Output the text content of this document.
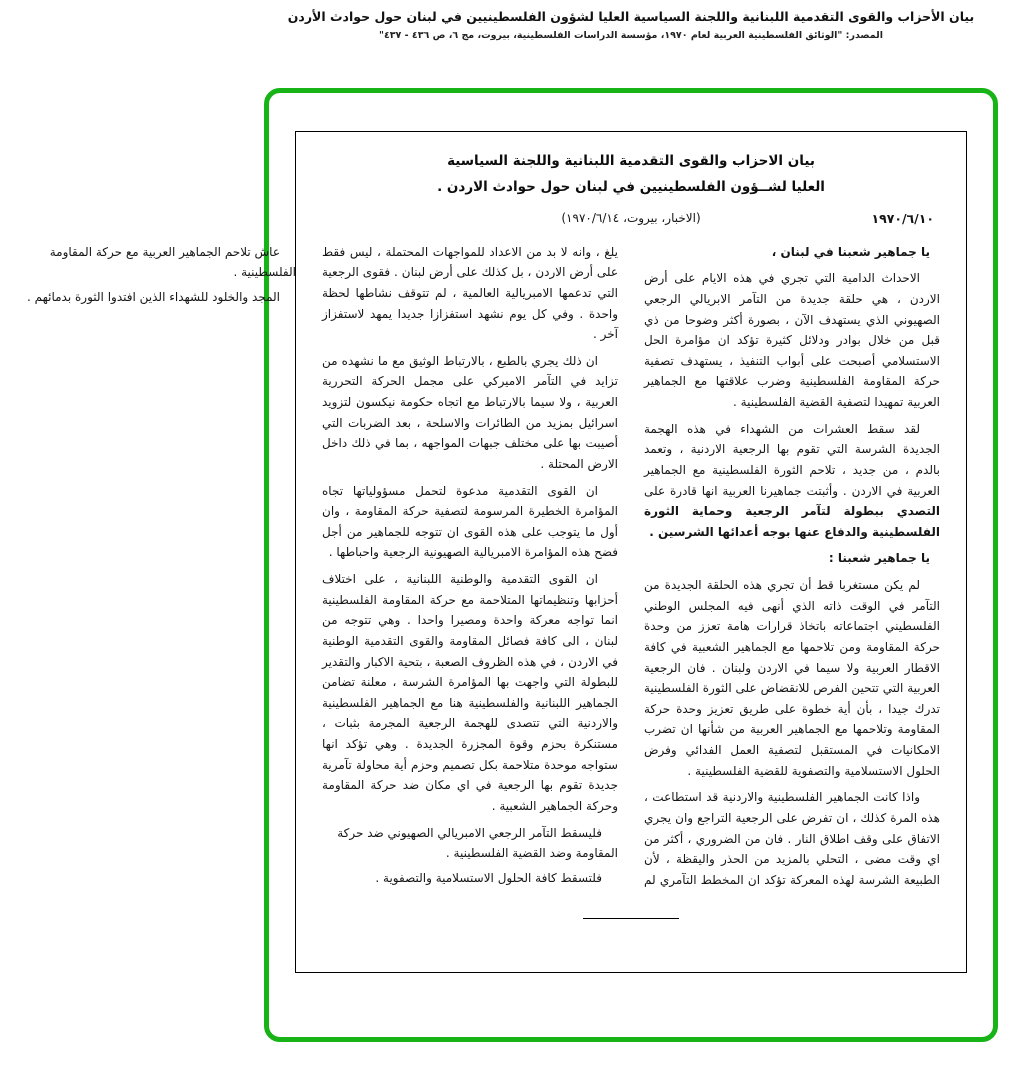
بيان الأحزاب والقوى التقدمية اللبنانية واللجنة السياسية العليا لشؤون الفلسطينيين في لبنان حول حوادث الأردن
المصدر: "الوثائق الفلسطينية العربية لعام ١٩٧٠، مؤسسة الدراسات الفلسطينية، بيروت، مج ٦، ص ٤٣٦ - ٤٣٧"
بيان الاحزاب والقوى التقدمية اللبنانية واللجنة السياسية
العليا لشــؤون الفلسطينيين في لبنان حول حوادث الاردن .
١٩٧٠/٦/١٠
(الاخبار، بيروت، ١٩٧٠/٦/١٤)

يا جماهير شعبنا في لبنان ،

الاحداث الدامية التي تجري في هذه الايام على أرض الاردن ، هي حلقة جديدة من التآمر الابريالي الرجعي الصهيوني الذي يستهدف الآن ، بصورة أكثر وضوحا من ذي قبل من خلال بوادر ودلائل كثيرة تؤكد ان مؤامرة الحل الاستسلامي أصبحت على أبواب التنفيذ ، يستهدف تصفية حركة المقاومة الفلسطينية وضرب علاقتها مع الجماهير العربية تمهيدا لتصفية القضية الفلسطينية .

لقد سقط العشرات من الشهداء في هذه الهجمة الجديدة الشرسة التي تقوم بها الرجعية الاردنية ، وتعمد بالدم ، من جديد ، تلاحم الثورة الفلسطينية مع الجماهير العربية في الاردن . وأثبتت جماهيرنا العربية انها قادرة على التصدي ببطولة لتآمر الرجعية وحماية الثورة الفلسطينية والدفاع عنها بوجه أعدائها الشرسين .

يا جماهير شعبنا :

لم يكن مستغربا قط أن تجري هذه الحلقة الجديدة من التآمر في الوقت ذاته الذي أنهى فيه المجلس الوطني الفلسطيني اجتماعاته باتخاذ قرارات هامة تعزز من وحدة حركة المقاومة ومن تلاحمها مع الجماهير الشعبية في كافة الاقطار العربية ولا سيما في الاردن ولبنان . فان الرجعية العربية التي تتحين الفرص للانقضاض على الثورة الفلسطينية تدرك جيدا ، بأن أية خطوة على طريق تعزيز وحدة حركة المقاومة وتلاحمها مع الجماهير العربية من شأنها ان تضرب الامكانيات في المستقبل لتصفية العمل الفدائي وفرض الحلول الاستسلامية والتصفوية للقضية الفلسطينية .

واذا كانت الجماهير الفلسطينية والاردنية قد استطاعت ، هذه المرة كذلك ، ان تفرض على الرجعية التراجع وان يجري الاتفاق على وقف اطلاق النار . فان من الضروري ، أكثر من اي وقت مضى ، التحلي بالمزيد من الحذر واليقظة ، لأن الطبيعة الشرسة لهذه المعركة تؤكد ان المخطط التآمري لم يلغ ، وانه لا بد من الاعداد للمواجهات المحتملة ، ليس فقط على أرض الاردن ، بل كذلك على أرض لبنان . فقوى الرجعية التي تدعمها الامبريالية العالمية ، لم تتوقف نشاطها لحظة واحدة . وفي كل يوم نشهد استفزازا جديدا يمهد لاستفزاز آخر .

ان ذلك يجري بالطبع ، بالارتباط الوثيق مع ما نشهده من تزايد في التآمر الاميركي على مجمل الحركة التحررية العربية ، ولا سيما بالارتباط مع اتجاه حكومة نيكسون لتزويد اسرائيل بمزيد من الطائرات والاسلحة ، بعد الضربات التي أصيبت بها على مختلف جبهات المواجهه ، بما في ذلك داخل الارض المحتلة .

ان القوى التقدمية مدعوة لتحمل مسؤولياتها تجاه المؤامرة الخطيرة المرسومة لتصفية حركة المقاومة ، وان أول ما يتوجب على هذه القوى ان تتوجه للجماهير من أجل فضح هذه المؤامرة الامبريالية الصهيونية الرجعية واحباطها .

ان القوى التقدمية والوطنية اللبنانية ، على اختلاف أحزابها وتنظيماتها المتلاحمة مع حركة المقاومة الفلسطينية انما تواجه معركة واحدة ومصيرا واحدا . وهي تتوجه من لبنان ، الى كافة فصائل المقاومة والقوى التقدمية الوطنية في الاردن ، في هذه الظروف الصعبة ، بتحية الاكبار والتقدير للبطولة التي واجهت بها المؤامرة الشرسة ، معلنة تضامن الجماهير اللبنانية والفلسطينية هنا مع الجماهير الفلسطينية والاردنية التي تتصدى للهجمة الرجعية المجرمة بثبات ، مستنكرة بحزم وقوة المجزرة الجديدة . وهي تؤكد انها ستواجه موحدة متلاحمة بكل تصميم وحزم أية محاولة تآمرية جديدة تقوم بها الرجعية في اي مكان ضد حركة المقاومة وحركة الجماهير الشعبية .

فليسقط التآمر الرجعي الامبريالي الصهيوني ضد حركة المقاومة وضد القضية الفلسطينية .

فلتسقط كافة الحلول الاستسلامية والتصفوية .

عاش تلاحم الجماهير العربية مع حركة المقاومة الفلسطينية .

المجد والخلود للشهداء الذين افتدوا الثورة بدمائهم .
